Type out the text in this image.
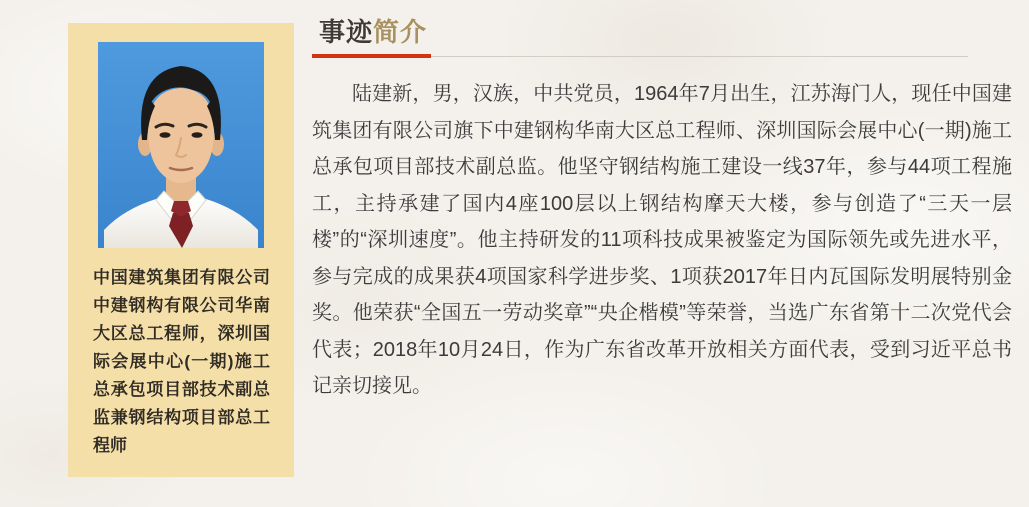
中国建筑集团有限公司中建钢构有限公司华南大区总工程师，深圳国际会展中心(一期)施工总承包项目部技术副总监兼钢结构项目部总工程师

事迹简介

陆建新，男，汉族，中共党员，1964年7月出生，江苏海门人，现任中国建筑集团有限公司旗下中建钢构华南大区总工程师、深圳国际会展中心(一期)施工总承包项目部技术副总监。他坚守钢结构施工建设一线37年，参与44项工程施工，主持承建了国内4座100层以上钢结构摩天大楼，参与创造了“三天一层楼”的“深圳速度”。他主持研发的11项科技成果被鉴定为国际领先或先进水平，参与完成的成果获4项国家科学进步奖、1项获2017年日内瓦国际发明展特别金奖。他荣获“全国五一劳动奖章”“央企楷模”等荣誉，当选广东省第十二次党代会代表；2018年10月24日，作为广东省改革开放相关方面代表，受到习近平总书记亲切接见。
